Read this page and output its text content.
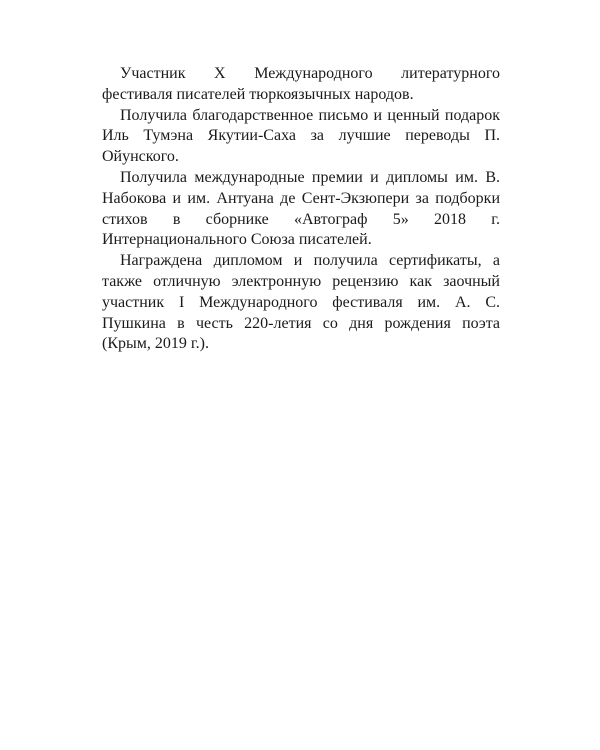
Участник Х Международного литературного фестиваля писателей тюркоязычных народов.

Получила благодарственное письмо и ценный подарок Иль Тумэна Якутии-Саха за лучшие переводы П. Ойунского.

Получила международные премии и дипломы им. В. Набокова и им. Антуана де Сент-Экзюпери за подборки стихов в сборнике «Автограф 5» 2018 г. Интернационального Союза писателей.

Награждена дипломом и получила сертификаты, а также отличную электронную рецензию как заочный участник I Международного фестиваля им. А. С. Пушкина в честь 220-летия со дня рождения поэта (Крым, 2019 г.).
